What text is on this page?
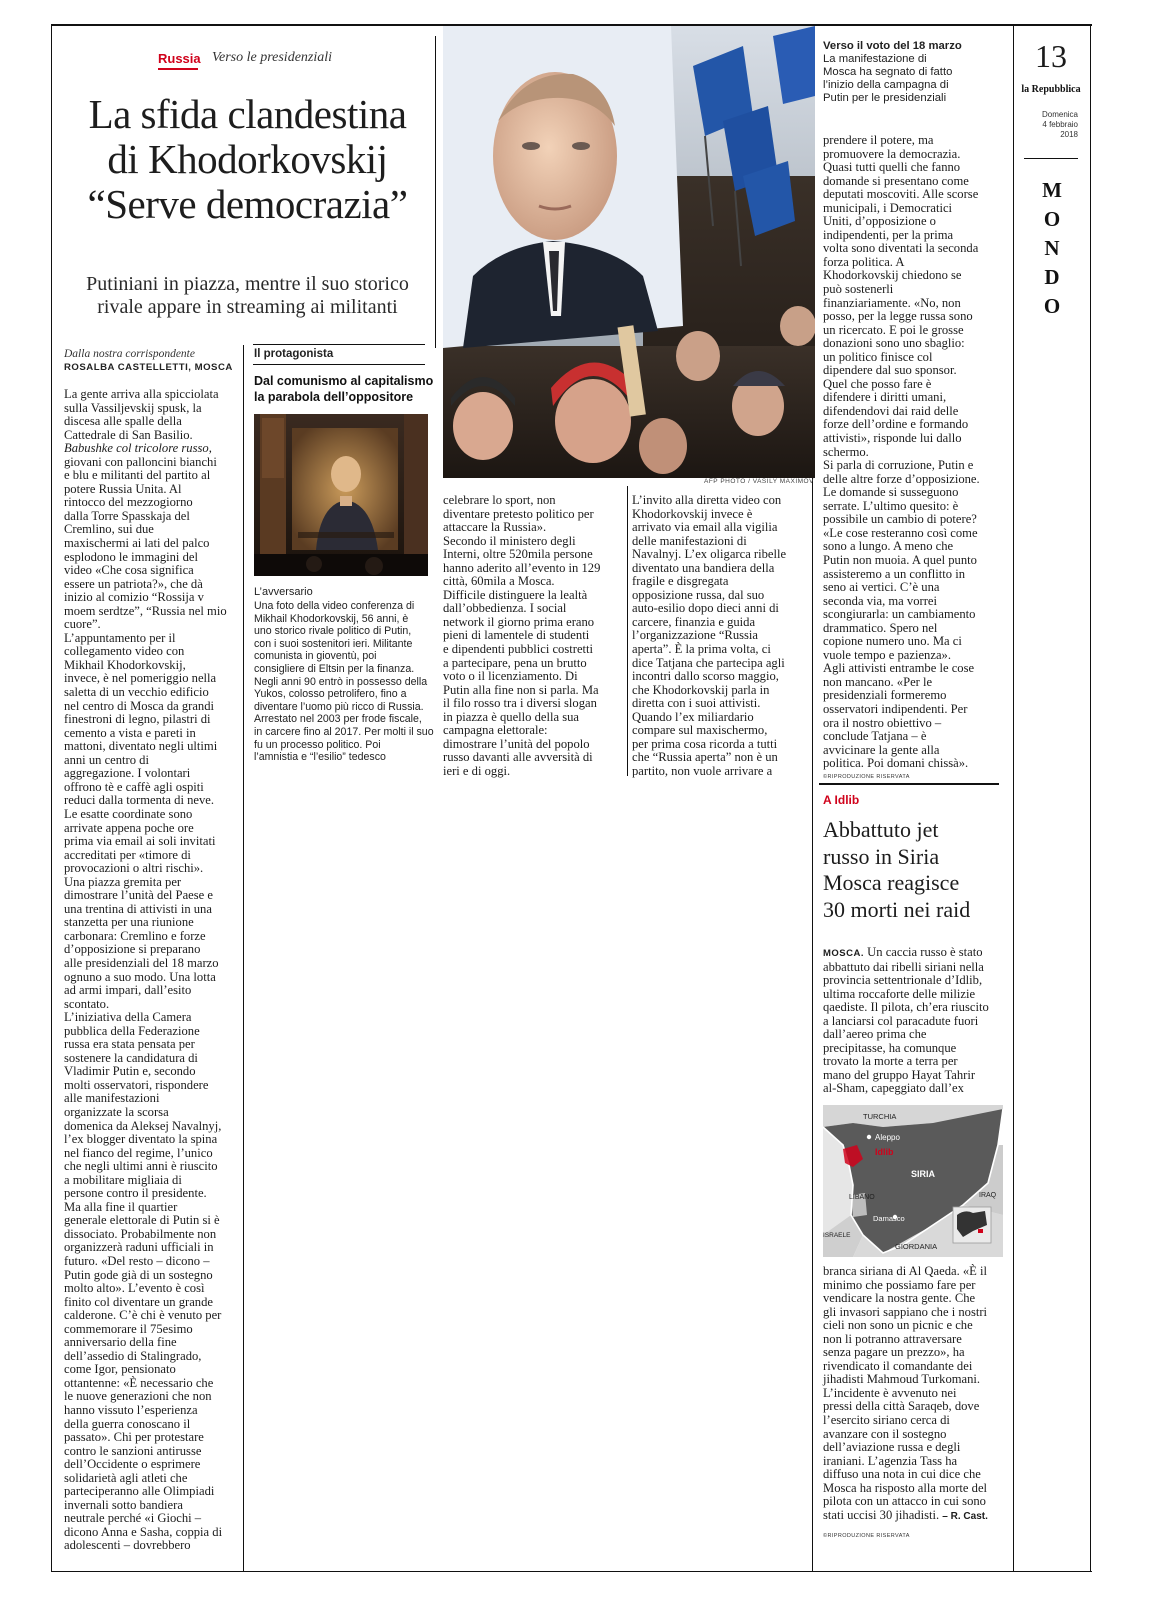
Russia Verso le presidenziali
La sfida clandestina
di Khodorkovskij
“Serve democrazia”
Putiniani in piazza, mentre il suo storico
rivale appare in streaming ai militanti
Dalla nostra corrispondente
ROSALBA CASTELLETTI, MOSCA

La gente arriva alla spicciolata

sulla Vassiljevskij spusk, la

discesa alle spalle della

Cattedrale di San Basilio.

Babushke col tricolore russo,

giovani con palloncini bianchi

e blu e militanti del partito al

potere Russia Unita. Al

rintocco del mezzogiorno

dalla Torre Spasskaja del

Cremlino, sui due

maxischermi ai lati del palco

esplodono le immagini del

video «Che cosa significa

essere un patriota?», che dà

inizio al comizio “Rossija v

moem serdtze”, “Russia nel mio

cuore”.

L’appuntamento per il

collegamento video con

Mikhail Khodorkovskij,

invece, è nel pomeriggio nella

saletta di un vecchio edificio

nel centro di Mosca da grandi

finestroni di legno, pilastri di

cemento a vista e pareti in

mattoni, diventato negli ultimi

anni un centro di

aggregazione. I volontari

offrono tè e caffè agli ospiti

reduci dalla tormenta di neve.

Le esatte coordinate sono

arrivate appena poche ore

prima via email ai soli invitati

accreditati per «timore di

provocazioni o altri rischi».

Una piazza gremita per

dimostrare l’unità del Paese e

una trentina di attivisti in una

stanzetta per una riunione

carbonara: Cremlino e forze

d’opposizione si preparano

alle presidenziali del 18 marzo

ognuno a suo modo. Una lotta

ad armi impari, dall’esito

scontato.

L’iniziativa della Camera

pubblica della Federazione

russa era stata pensata per

sostenere la candidatura di

Vladimir Putin e, secondo

molti osservatori, rispondere

alle manifestazioni

organizzate la scorsa

domenica da Aleksej Navalnyj,

l’ex blogger diventato la spina

nel fianco del regime, l’unico

che negli ultimi anni è riuscito

a mobilitare migliaia di

persone contro il presidente.

Ma alla fine il quartier

generale elettorale di Putin si è

dissociato. Probabilmente non

organizzerà raduni ufficiali in

futuro. «Del resto – dicono –

Putin gode già di un sostegno

molto alto». L’evento è così

finito col diventare un grande

calderone. C’è chi è venuto per

commemorare il 75esimo

anniversario della fine

dell’assedio di Stalingrado,

come Igor, pensionato

ottantenne: «È necessario che

le nuove generazioni che non

hanno vissuto l’esperienza

della guerra conoscano il

passato». Chi per protestare

contro le sanzioni antirusse

dell’Occidente o esprimere

solidarietà agli atleti che

parteciperanno alle Olimpiadi

invernali sotto bandiera

neutrale perché «i Giochi –

dicono Anna e Sasha, coppia di

adolescenti – dovrebbero

Il protagonista
Dal comunismo al capitalismo
la parabola dell’oppositore
L’avversario
Una foto della video conferenza di
Mikhail Khodorkovskij, 56 anni, è
uno storico rivale politico di Putin,
con i suoi sostenitori ieri. Militante
comunista in gioventù, poi
consigliere di Eltsin per la finanza.
Negli anni 90 entrò in possesso della
Yukos, colosso petrolifero, fino a
diventare l’uomo più ricco di Russia.
Arrestato nel 2003 per frode fiscale,
in carcere fino al 2017. Per molti il suo
fu un processo politico. Poi
l’amnistia e “l’esilio” tedesco
AFP PHOTO / VASILY MAXIMOV
Verso il voto del 18 marzo
La manifestazione di
Mosca ha segnato di fatto
l’inizio della campagna di
Putin per le presidenziali

celebrare lo sport, non

diventare pretesto politico per

attaccare la Russia».

Secondo il ministero degli

Interni, oltre 520mila persone

hanno aderito all’evento in 129

città, 60mila a Mosca.

Difficile distinguere la lealtà

dall’obbedienza. I social

network il giorno prima erano

pieni di lamentele di studenti

e dipendenti pubblici costretti

a partecipare, pena un brutto

voto o il licenziamento. Di

Putin alla fine non si parla. Ma

il filo rosso tra i diversi slogan

in piazza è quello della sua

campagna elettorale:

dimostrare l’unità del popolo

russo davanti alle avversità di

ieri e di oggi.

L’invito alla diretta video con

Khodorkovskij invece è

arrivato via email alla vigilia

delle manifestazioni di

Navalnyj. L’ex oligarca ribelle

diventato una bandiera della

fragile e disgregata

opposizione russa, dal suo

auto-esilio dopo dieci anni di

carcere, finanzia e guida

l’organizzazione “Russia

aperta”. È la prima volta, ci

dice Tatjana che partecipa agli

incontri dallo scorso maggio,

che Khodorkovskij parla in

diretta con i suoi attivisti.

Quando l’ex miliardario

compare sul maxischermo,

per prima cosa ricorda a tutti

che “Russia aperta” non è un

partito, non vuole arrivare a

prendere il potere, ma

promuovere la democrazia.

Quasi tutti quelli che fanno

domande si presentano come

deputati moscoviti. Alle scorse

municipali, i Democratici

Uniti, d’opposizione o

indipendenti, per la prima

volta sono diventati la seconda

forza politica. A

Khodorkovskij chiedono se

può sostenerli

finanziariamente. «No, non

posso, per la legge russa sono

un ricercato. E poi le grosse

donazioni sono uno sbaglio:

un politico finisce col

dipendere dal suo sponsor.

Quel che posso fare è

difendere i diritti umani,

difendendovi dai raid delle

forze dell’ordine e formando

attivisti», risponde lui dallo

schermo.

Si parla di corruzione, Putin e

delle altre forze d’opposizione.

Le domande si susseguono

serrate. L’ultimo quesito: è

possibile un cambio di potere?

«Le cose resteranno così come

sono a lungo. A meno che

Putin non muoia. A quel punto

assisteremo a un conflitto in

seno ai vertici. C’è una

seconda via, ma vorrei

scongiurarla: un cambiamento

drammatico. Spero nel

copione numero uno. Ma ci

vuole tempo e pazienza».

Agli attivisti entrambe le cose

non mancano. «Per le

presidenziali formeremo

osservatori indipendenti. Per

ora il nostro obiettivo –

conclude Tatjana – è

avvicinare la gente alla

politica. Poi domani chissà».

©RIPRODUZIONE RISERVATA
A Idlib
Abbattuto jet
russo in Siria
Mosca reagisce
30 morti nei raid

MOSCA. Un caccia russo è stato

abbattuto dai ribelli siriani nella

provincia settentrionale d’Idlib,

ultima roccaforte delle milizie

qaediste. Il pilota, ch’era riuscito

a lanciarsi col paracadute fuori

dall’aereo prima che

precipitasse, ha comunque

trovato la morte a terra per

mano del gruppo Hayat Tahrir

al-Sham, capeggiato dall’ex

TURCHIA
Aleppo
Idlib
SIRIA
LIBANO	IRAQ
Damasco
ISRAELE
GIORDANIA

branca siriana di Al Qaeda. «È il

minimo che possiamo fare per

vendicare la nostra gente. Che

gli invasori sappiano che i nostri

cieli non sono un picnic e che

non li potranno attraversare

senza pagare un prezzo», ha

rivendicato il comandante dei

jihadisti Mahmoud Turkomani.

L’incidente è avvenuto nei

pressi della città Saraqeb, dove

l’esercito siriano cerca di

avanzare con il sostegno

dell’aviazione russa e degli

iraniani. L’agenzia Tass ha

diffuso una nota in cui dice che

Mosca ha risposto alla morte del

pilota con un attacco in cui sono

stati uccisi 30 jihadisti. – R. Cast.

©RIPRODUZIONE RISERVATA
13
la Repubblica
Domenica
4 febbraio
2018
M
O
N
D
O
